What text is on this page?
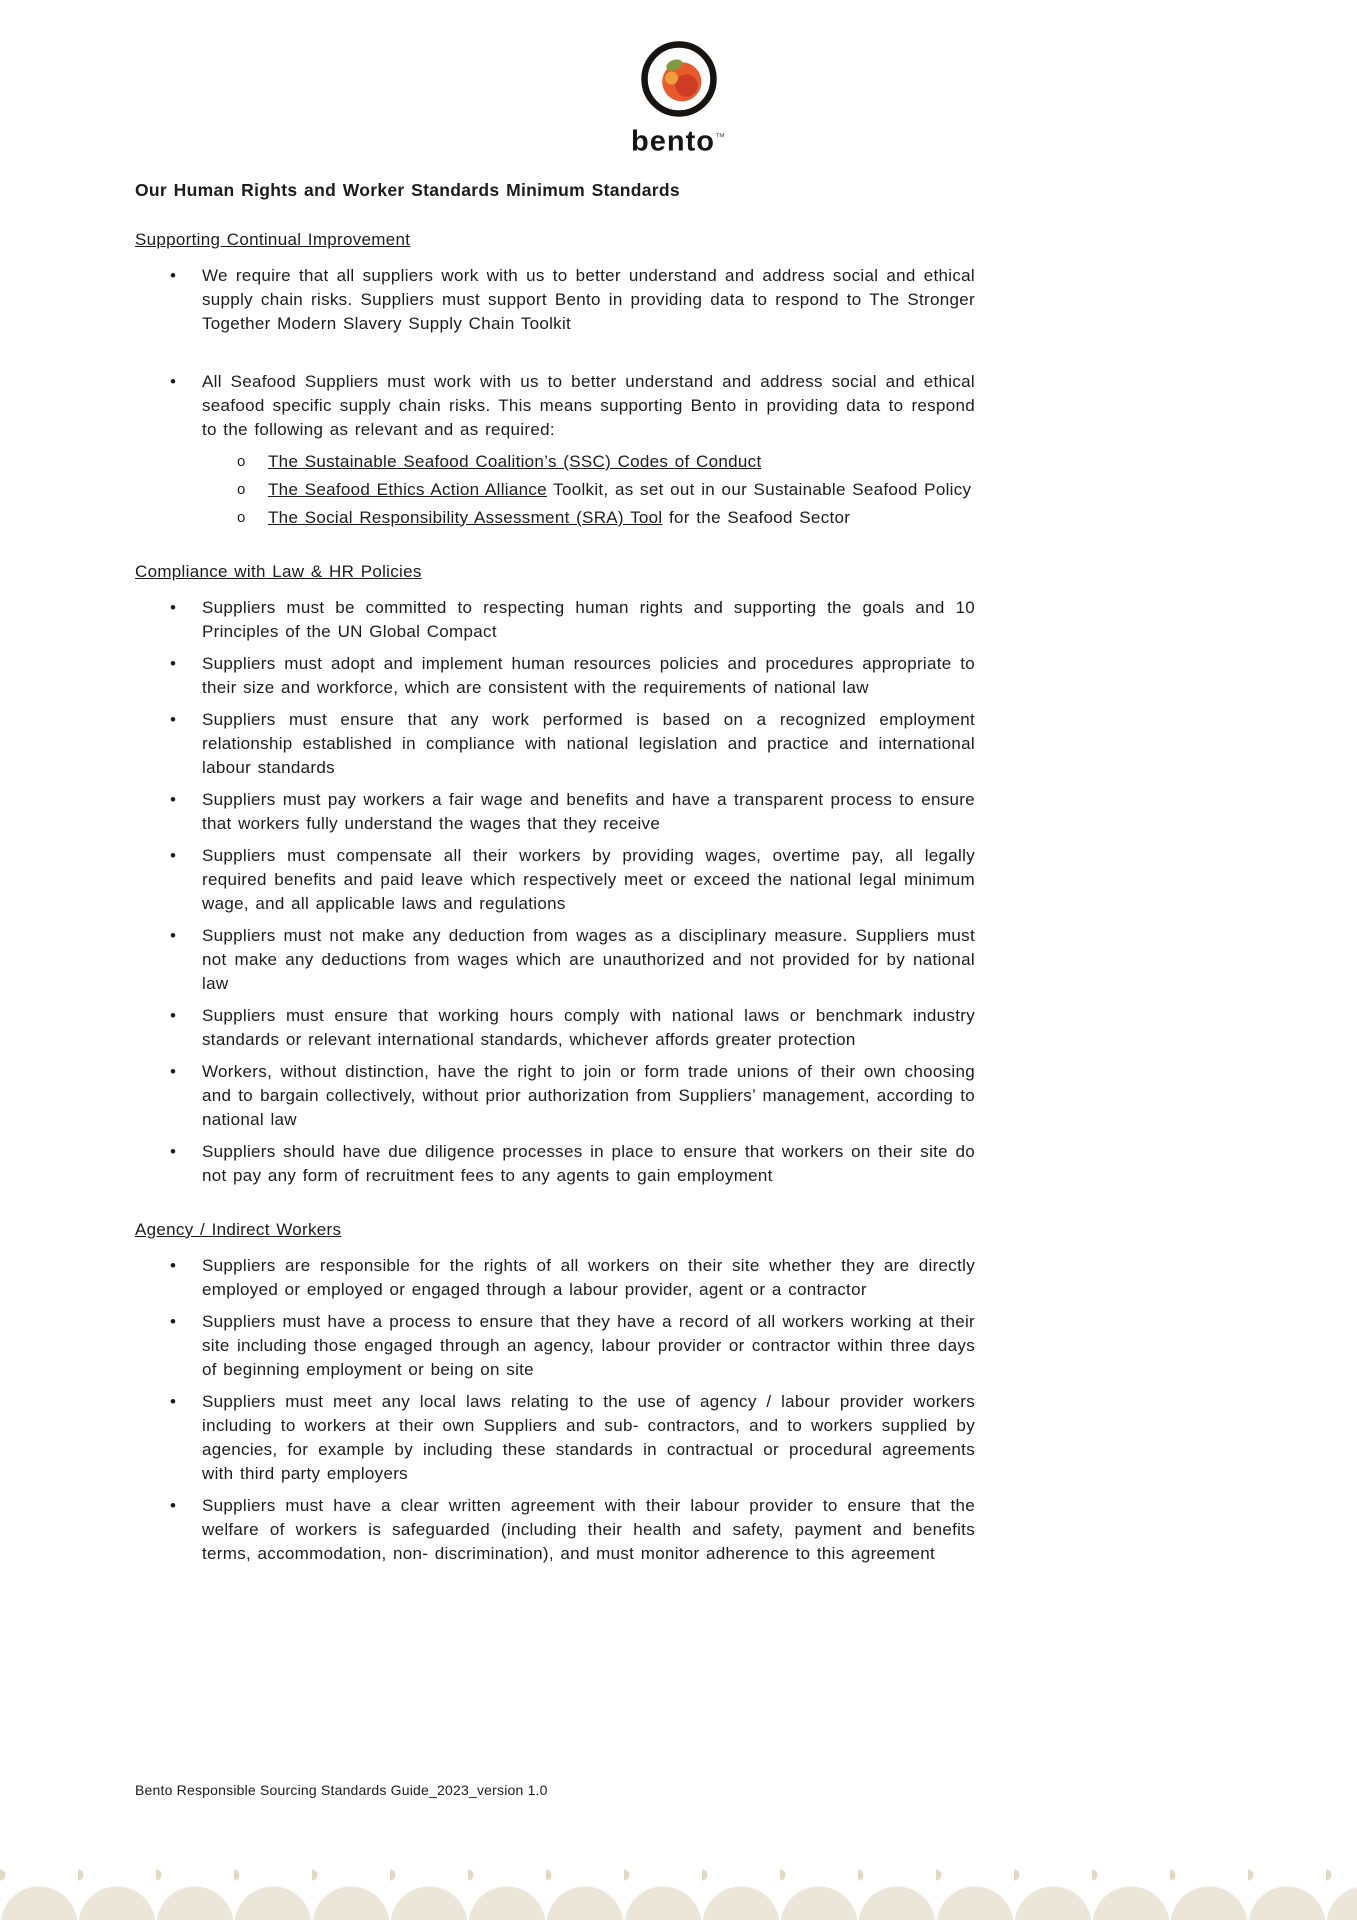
bento™
Our Human Rights and Worker Standards Minimum Standards
Supporting Continual Improvement
• We require that all suppliers work with us to better understand and address social and ethical supply chain risks. Suppliers must support Bento in providing data to respond to The Stronger Together Modern Slavery Supply Chain Toolkit
• All Seafood Suppliers must work with us to better understand and address social and ethical seafood specific supply chain risks. This means supporting Bento in providing data to respond to the following as relevant and as required:
o The Sustainable Seafood Coalition’s (SSC) Codes of Conduct
o The Seafood Ethics Action Alliance Toolkit, as set out in our Sustainable Seafood Policy
o The Social Responsibility Assessment (SRA) Tool for the Seafood Sector
Compliance with Law & HR Policies
• Suppliers must be committed to respecting human rights and supporting the goals and 10 Principles of the UN Global Compact
• Suppliers must adopt and implement human resources policies and procedures appropriate to their size and workforce, which are consistent with the requirements of national law
• Suppliers must ensure that any work performed is based on a recognized employment relationship established in compliance with national legislation and practice and international labour standards
• Suppliers must pay workers a fair wage and benefits and have a transparent process to ensure that workers fully understand the wages that they receive
• Suppliers must compensate all their workers by providing wages, overtime pay, all legally required benefits and paid leave which respectively meet or exceed the national legal minimum wage, and all applicable laws and regulations
• Suppliers must not make any deduction from wages as a disciplinary measure. Suppliers must not make any deductions from wages which are unauthorized and not provided for by national law
• Suppliers must ensure that working hours comply with national laws or benchmark industry standards or relevant international standards, whichever affords greater protection
• Workers, without distinction, have the right to join or form trade unions of their own choosing and to bargain collectively, without prior authorization from Suppliers’ management, according to national law
• Suppliers should have due diligence processes in place to ensure that workers on their site do not pay any form of recruitment fees to any agents to gain employment
Agency / Indirect Workers
• Suppliers are responsible for the rights of all workers on their site whether they are directly employed or employed or engaged through a labour provider, agent or a contractor
• Suppliers must have a process to ensure that they have a record of all workers working at their site including those engaged through an agency, labour provider or contractor within three days of beginning employment or being on site
• Suppliers must meet any local laws relating to the use of agency / labour provider workers including to workers at their own Suppliers and sub- contractors, and to workers supplied by agencies, for example by including these standards in contractual or procedural agreements with third party employers
• Suppliers must have a clear written agreement with their labour provider to ensure that the welfare of workers is safeguarded (including their health and safety, payment and benefits terms, accommodation, non- discrimination), and must monitor adherence to this agreement
Bento Responsible Sourcing Standards Guide_2023_version 1.0
